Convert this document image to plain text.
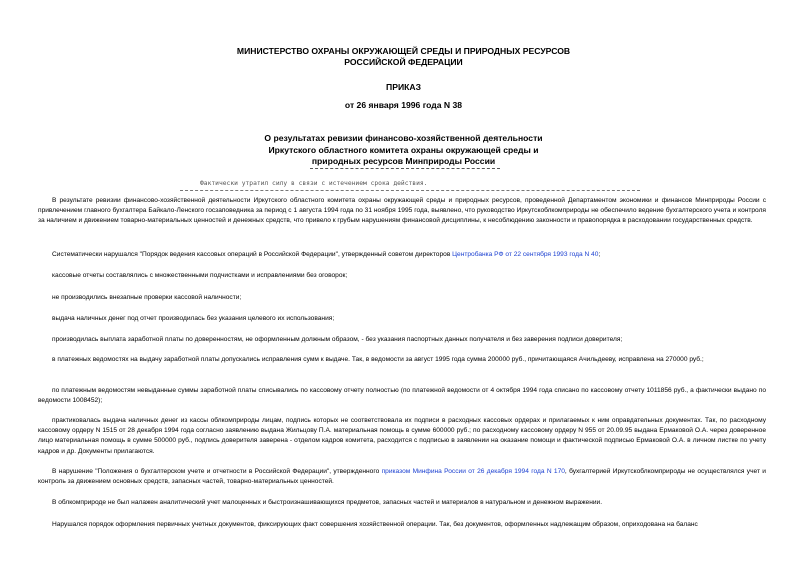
МИНИСТЕРСТВО ОХРАНЫ ОКРУЖАЮЩЕЙ СРЕДЫ И ПРИРОДНЫХ РЕСУРСОВ
РОССИЙСКОЙ ФЕДЕРАЦИИ
ПРИКАЗ
от 26 января 1996 года N 38
О результатах ревизии финансово-хозяйственной деятельности
Иркутского областного комитета охраны окружающей среды и
природных ресурсов Минприроды России
Фактически утратил силу в связи с истечением срока действия.
В результате ревизии финансово-хозяйственной деятельности Иркутского областного комитета охраны окружающей среды и природных ресурсов, проведенной Департаментом экономики и финансов Минприроды России с привлечением главного бухгалтера Байкало-Ленского госзаповедника за период с 1 августа 1994 года по 31 ноября 1995 года, выявлено, что руководство Иркутскоблкомприроды не обеспечило ведение бухгалтерского учета и контроля за наличием и движением товарно-материальных ценностей и денежных средств, что привело к грубым нарушениям финансовой дисциплины, к несоблюдению законности и правопорядка в расходовании государственных средств.
Систематически нарушался "Порядок ведения кассовых операций в Российской Федерации", утвержденный советом директоров Центробанка РФ от 22 сентября 1993 года N 40;
кассовые отчеты составлялись с множественными подчистками и исправлениями без оговорок;
не производились внезапные проверки кассовой наличности;
выдача наличных денег под отчет производилась без указания целевого их использования;
производилась выплата заработной платы по доверенностям, не оформленным должным образом, - без указания паспортных данных получателя и без заверения подписи доверителя;
в платежных ведомостях на выдачу заработной платы допускались исправления сумм к выдаче. Так, в ведомости за август 1995 года сумма 200000 руб., причитающаяся Ачильдееву, исправлена на 270000 руб.;
по платежным ведомостям невыданные суммы заработной платы списывались по кассовому отчету полностью (по платежной ведомости от 4 октября 1994 года списано по кассовому отчету 1011856 руб., а фактически выдано по ведомости 1008452);
практиковалась выдача наличных денег из кассы облкомприроды лицам, подпись которых не соответствовала их подписи в расходных кассовых ордерах и прилагаемых к ним оправдательных документах. Так, по расходному кассовому ордеру N 1515 от 28 декабря 1994 года согласно заявлению выдана Жильцову П.А. материальная помощь в сумме 600000 руб.; по расходному кассовому ордеру N 955 от 20.09.95 выдана Ермаковой О.А. через доверенное лицо материальная помощь в сумме 500000 руб., подпись доверителя заверена - отделом кадров комитета, расходится с подписью в заявлении на оказание помощи и фактической подписью Ермаковой О.А. в личном листке по учету кадров и др. Документы прилагаются.
В нарушение "Положения о бухгалтерском учете и отчетности в Российской Федерации", утвержденного приказом Минфина России от 26 декабря 1994 года N 170, бухгалтерией Иркутскоблкомприроды не осуществлялся учет и контроль за движением основных средств, запасных частей, товарно-материальных ценностей.
В облкомприроде не был налажен аналитический учет малоценных и быстроизнашивающихся предметов, запасных частей и материалов в натуральном и денежном выражении.
Нарушался порядок оформления первичных учетных документов, фиксирующих факт совершения хозяйственной операции. Так, без документов, оформленных надлежащим образом, оприходована на баланс
